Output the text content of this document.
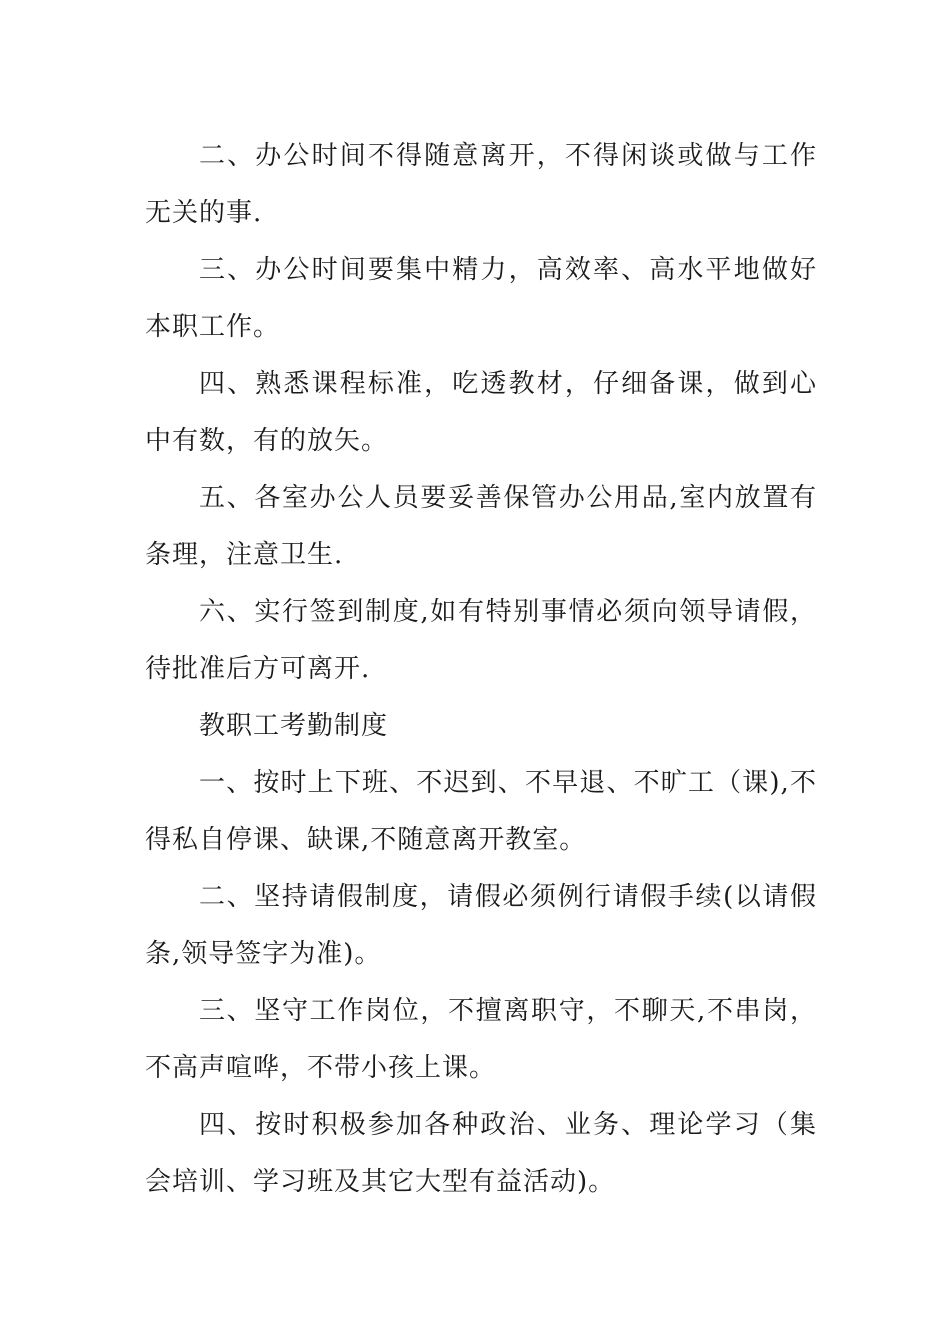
二、办公时间不得随意离开，不得闲谈或做与工作无关的事.

三、办公时间要集中精力，高效率、高水平地做好本职工作。

四、熟悉课程标准，吃透教材，仔细备课，做到心中有数，有的放矢。

五、各室办公人员要妥善保管办公用品,室内放置有条理，注意卫生.

六、实行签到制度,如有特别事情必须向领导请假，待批准后方可离开.

教职工考勤制度

一、按时上下班、不迟到、不早退、不旷工（课),不得私自停课、缺课,不随意离开教室。

二、坚持请假制度，请假必须例行请假手续(以请假条,领导签字为准)。

三、坚守工作岗位，不擅离职守，不聊天,不串岗，不高声喧哗，不带小孩上课。

四、按时积极参加各种政治、业务、理论学习（集会培训、学习班及其它大型有益活动)。
